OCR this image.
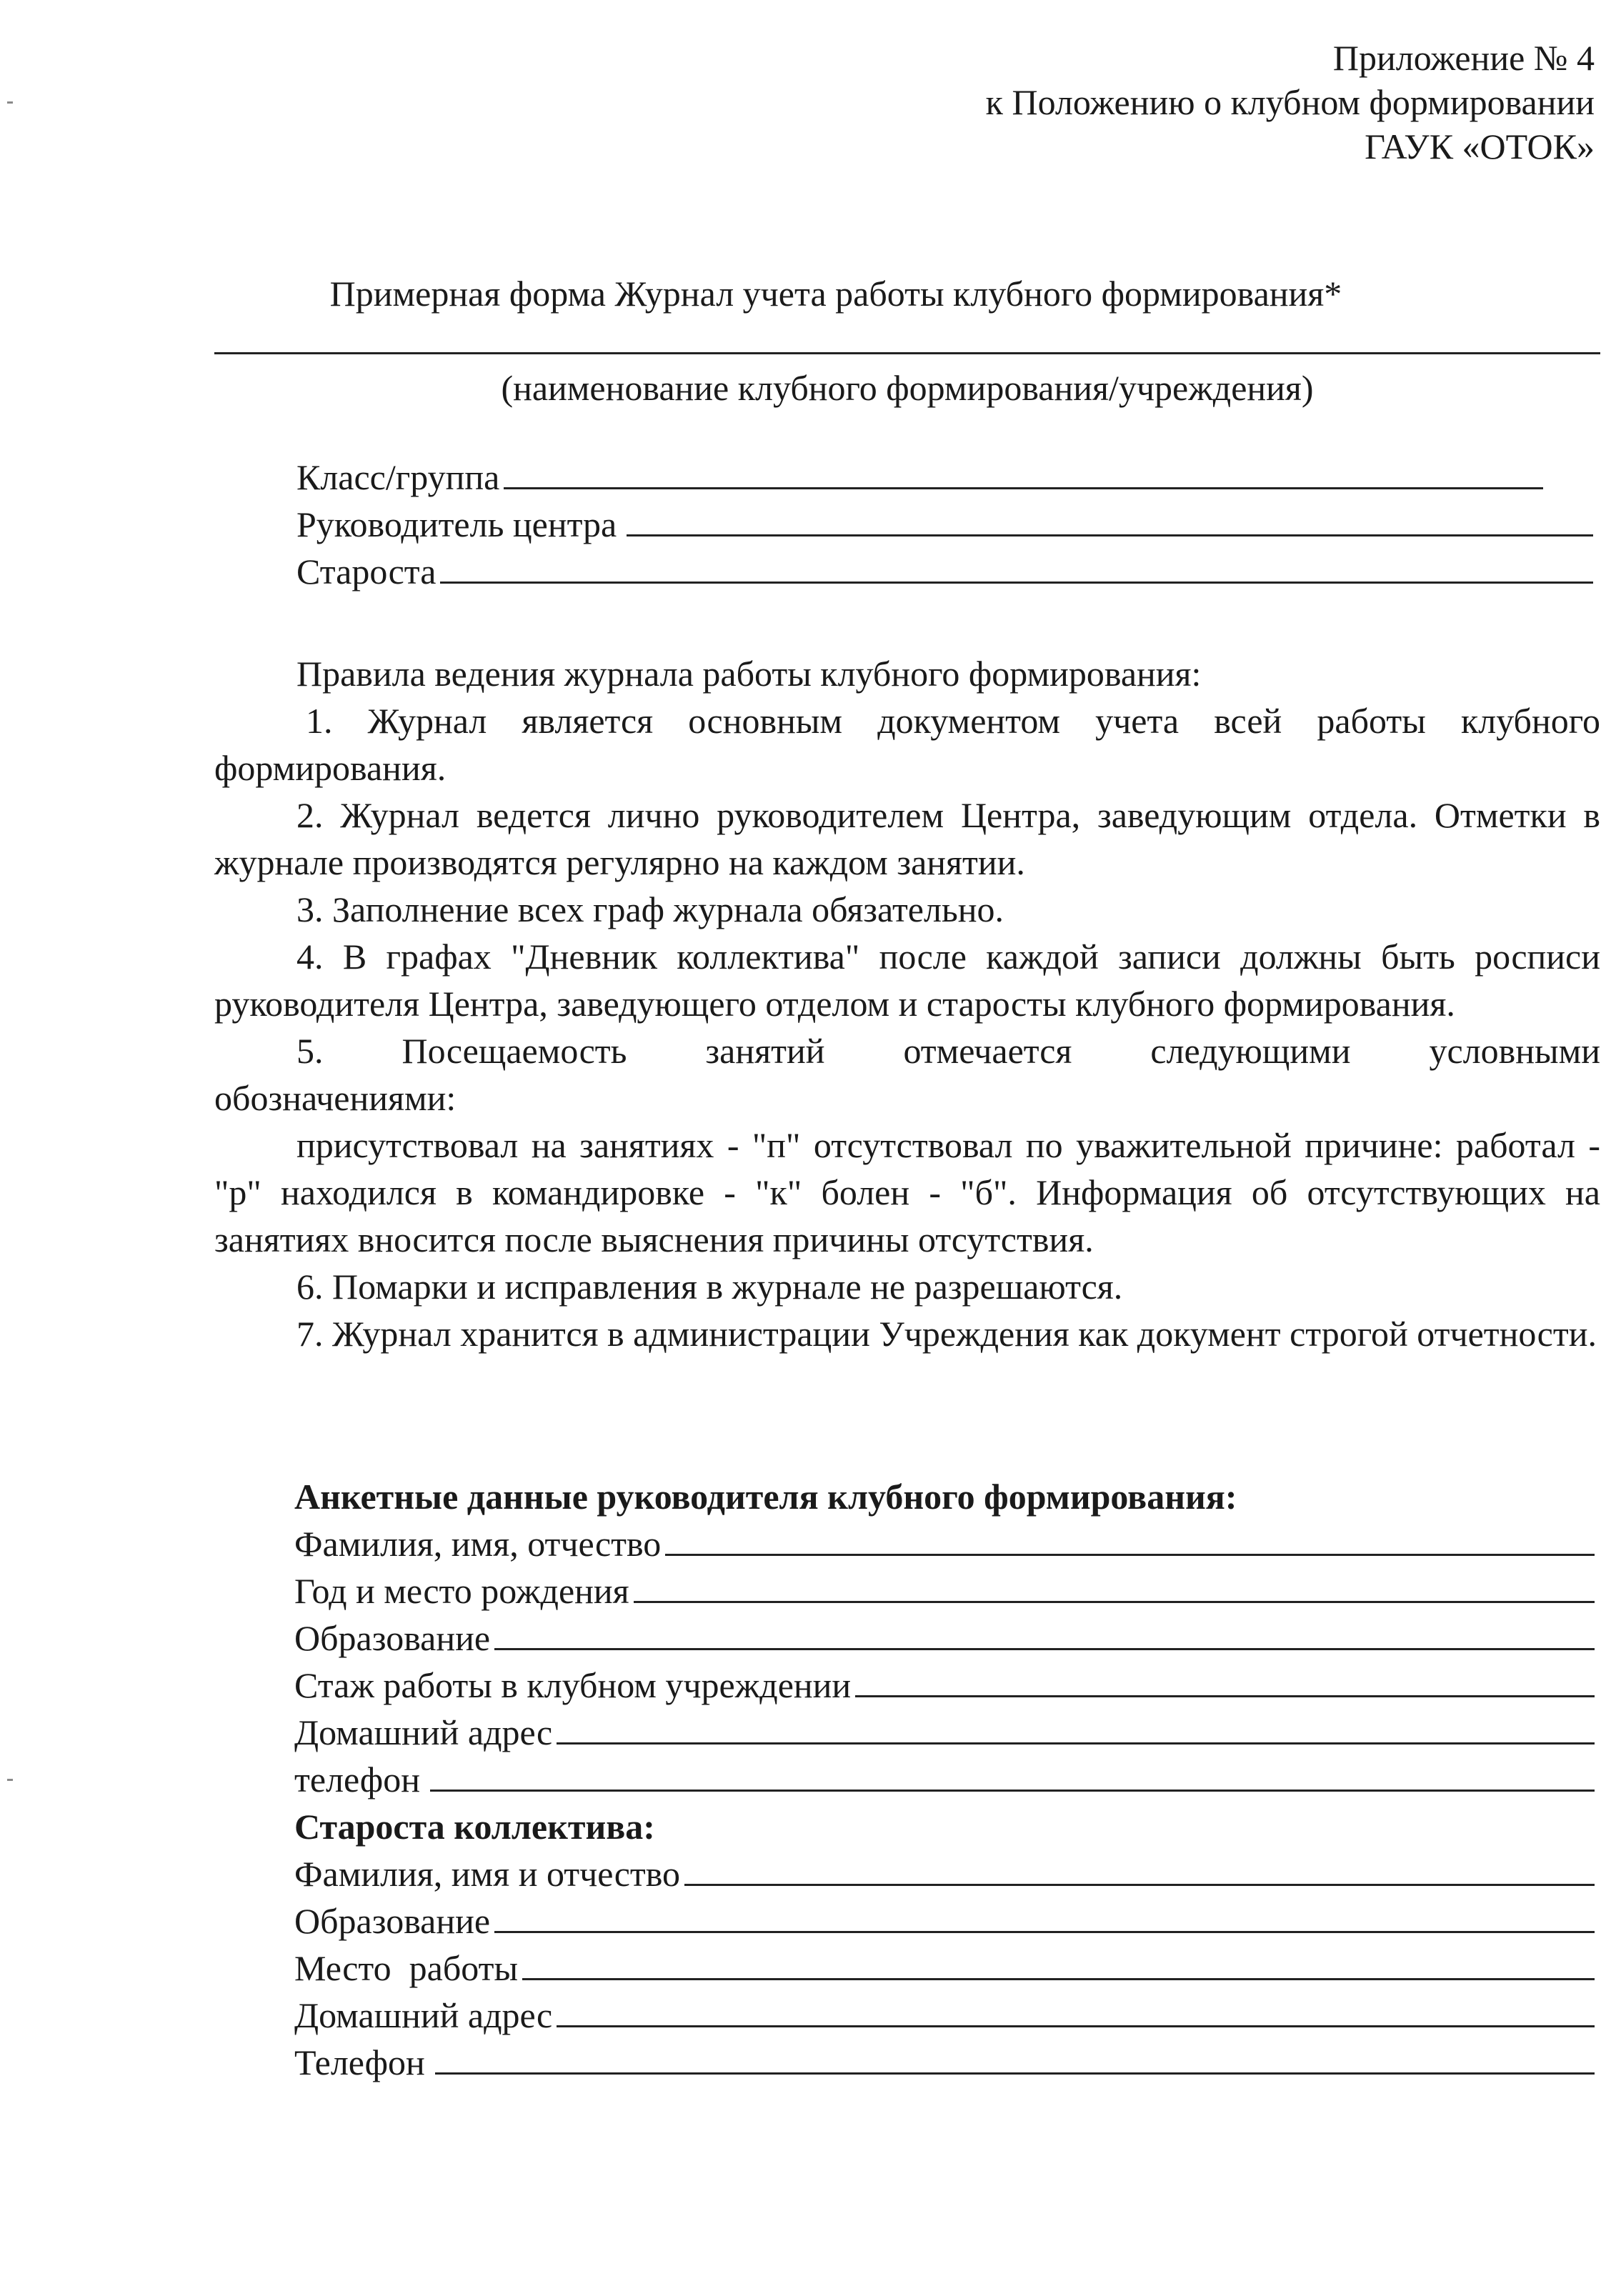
Приложение № 4
к Положению о клубном формировании
ГАУК «ОТОК»
Примерная форма Журнал учета работы клубного формирования*
(наименование клубного формирования/учреждения)
Класс/группа
Руководитель центра
Староста

Правила ведения журнала работы клубного формирования:

1. Журнал является основным документом учета всей работы клубного формирования.

2. Журнал ведется лично руководителем Центра, заведующим отдела. Отметки в журнале производятся регулярно на каждом занятии.

3. Заполнение всех граф журнала обязательно.

4. В графах "Дневник коллектива" после каждой записи должны быть росписи руководителя Центра, заведующего отделом и старосты клубного формирования.

5. Посещаемость занятий отмечается следующими условными обозначениями:

присутствовал на занятиях - "п" отсутствовал по уважительной причине: работал - "р" находился в командировке - "к" болен - "б". Информация об отсутствующих на занятиях вносится после выяснения причины отсутствия.

6. Помарки и исправления в журнале не разрешаются.

7. Журнал хранится в администрации Учреждения как документ строгой отчетности.

Анкетные данные руководителя клубного формирования:
Фамилия, имя, отчество
Год и место рождения
Образование
Стаж работы в клубном учреждении
Домашний адрес
телефон
Староста коллектива:
Фамилия, имя и отчество
Образование
Место  работы
Домашний адрес
Телефон
